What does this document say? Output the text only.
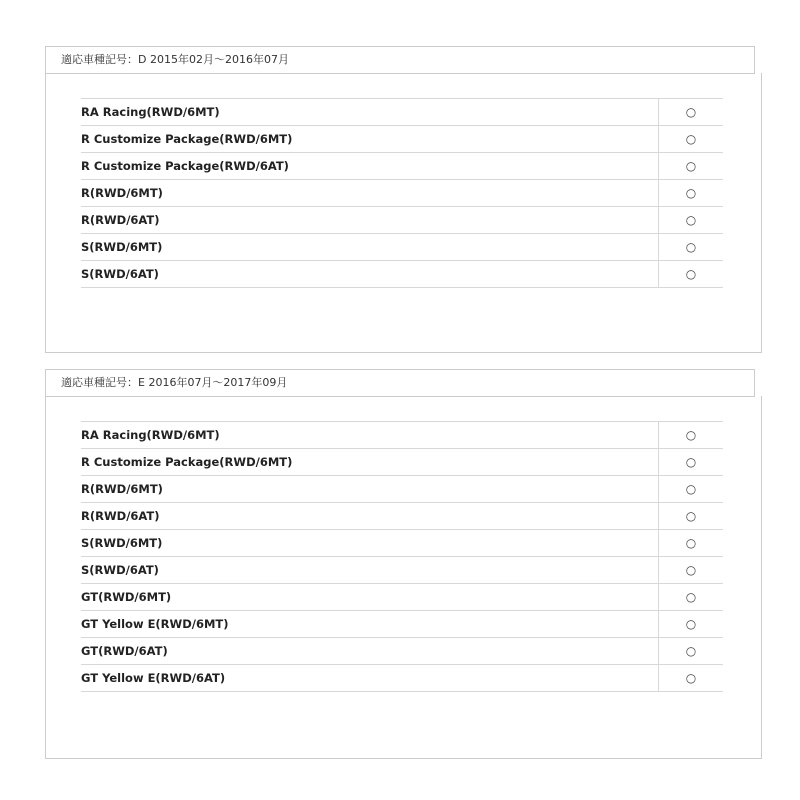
適応車種記号：D 2015年02月～2016年07月
RA Racing(RWD/6MT)	○
R Customize Package(RWD/6MT)	○
R Customize Package(RWD/6AT)	○
R(RWD/6MT)	○
R(RWD/6AT)	○
S(RWD/6MT)	○
S(RWD/6AT)	○
適応車種記号：E 2016年07月～2017年09月
RA Racing(RWD/6MT)	○
R Customize Package(RWD/6MT)	○
R(RWD/6MT)	○
R(RWD/6AT)	○
S(RWD/6MT)	○
S(RWD/6AT)	○
GT(RWD/6MT)	○
GT Yellow E(RWD/6MT)	○
GT(RWD/6AT)	○
GT Yellow E(RWD/6AT)	○
